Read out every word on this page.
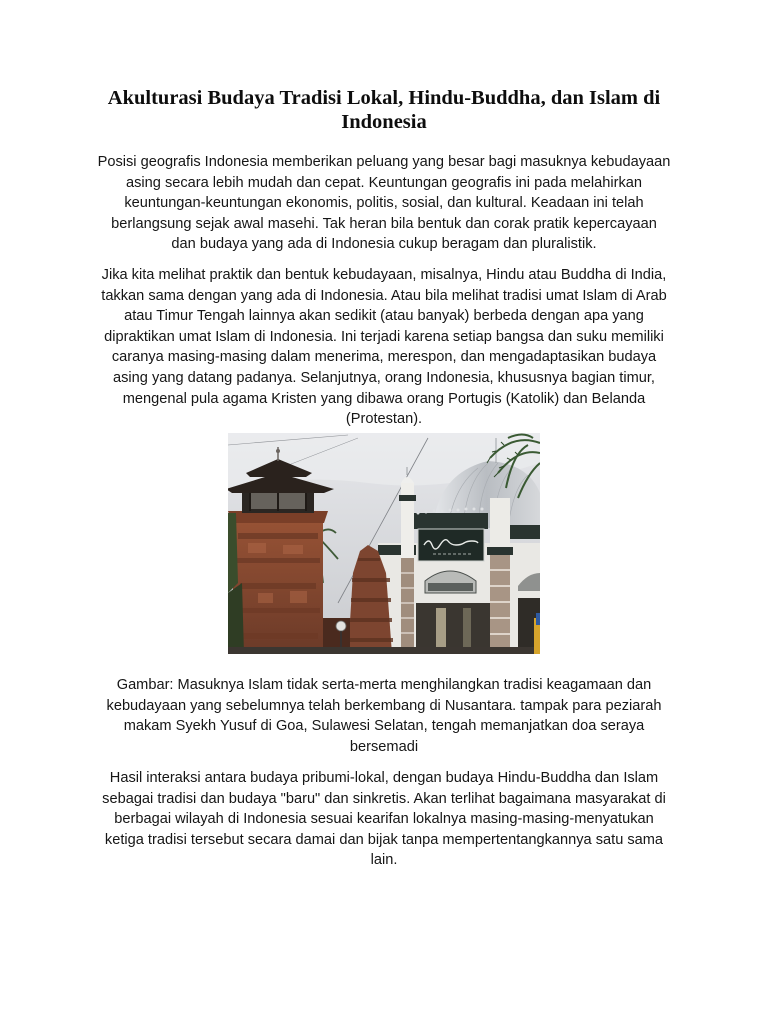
Akulturasi Budaya Tradisi Lokal, Hindu-Buddha, dan Islam di
Indonesia

Posisi geografis Indonesia memberikan peluang yang besar bagi masuknya kebudayaan
asing secara lebih mudah dan cepat. Keuntungan geografis ini pada melahirkan
keuntungan-keuntungan ekonomis, politis, sosial, dan kultural. Keadaan ini telah
berlangsung sejak awal masehi. Tak heran bila bentuk dan corak pratik kepercayaan
dan budaya yang ada di Indonesia cukup beragam dan pluralistik.

Jika kita melihat praktik dan bentuk kebudayaan, misalnya, Hindu atau Buddha di India,
takkan sama dengan yang ada di Indonesia. Atau bila melihat tradisi umat Islam di Arab
atau Timur Tengah lainnya akan sedikit (atau banyak) berbeda dengan apa yang
dipraktikan umat Islam di Indonesia. Ini terjadi karena setiap bangsa dan suku memiliki
caranya masing-masing dalam menerima, merespon, dan mengadaptasikan budaya
asing yang datang padanya. Selanjutnya, orang Indonesia, khususnya bagian timur,
mengenal pula agama Kristen yang dibawa orang Portugis (Katolik) dan Belanda
(Protestan).

Gambar: Masuknya Islam tidak serta-merta menghilangkan tradisi keagamaan dan
kebudayaan yang sebelumnya telah berkembang di Nusantara. tampak para peziarah
makam Syekh Yusuf di Goa, Sulawesi Selatan, tengah memanjatkan doa seraya
bersemadi

Hasil interaksi antara budaya pribumi-lokal, dengan budaya Hindu-Buddha dan Islam
sebagai tradisi dan budaya "baru" dan sinkretis. Akan terlihat bagaimana masyarakat di
berbagai wilayah di Indonesia sesuai kearifan lokalnya masing-masing-menyatukan
ketiga tradisi tersebut secara damai dan bijak tanpa mempertentangkannya satu sama
lain.
